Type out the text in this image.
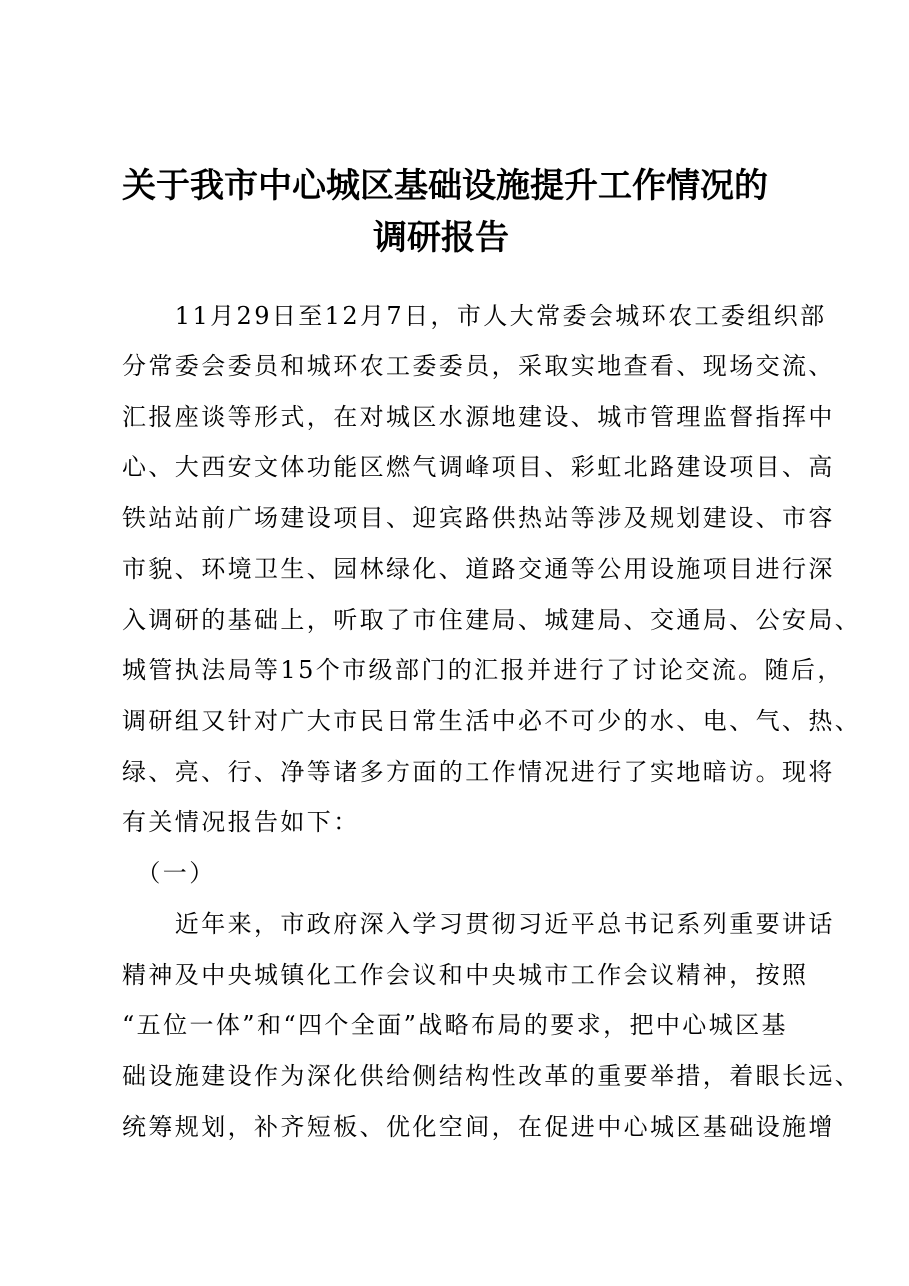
关于我市中心城区基础设施提升工作情况的
调研报告
　　11月29日至12月7日，市人大常委会城环农工委组织部
分常委会委员和城环农工委委员，采取实地查看、现场交流、
汇报座谈等形式，在对城区水源地建设、城市管理监督指挥中
心、大西安文体功能区燃气调峰项目、彩虹北路建设项目、高
铁站站前广场建设项目、迎宾路供热站等涉及规划建设、市容
市貌、环境卫生、园林绿化、道路交通等公用设施项目进行深
入调研的基础上，听取了市住建局、城建局、交通局、公安局、
城管执法局等15个市级部门的汇报并进行了讨论交流。随后，
调研组又针对广大市民日常生活中必不可少的水、电、气、热、
绿、亮、行、净等诸多方面的工作情况进行了实地暗访。现将
有关情况报告如下：
　（一）
　　近年来，市政府深入学习贯彻习近平总书记系列重要讲话
精神及中央城镇化工作会议和中央城市工作会议精神，按照
“五位一体”和“四个全面”战略布局的要求，把中心城区基
础设施建设作为深化供给侧结构性改革的重要举措，着眼长远、
统筹规划，补齐短板、优化空间，在促进中心城区基础设施增
